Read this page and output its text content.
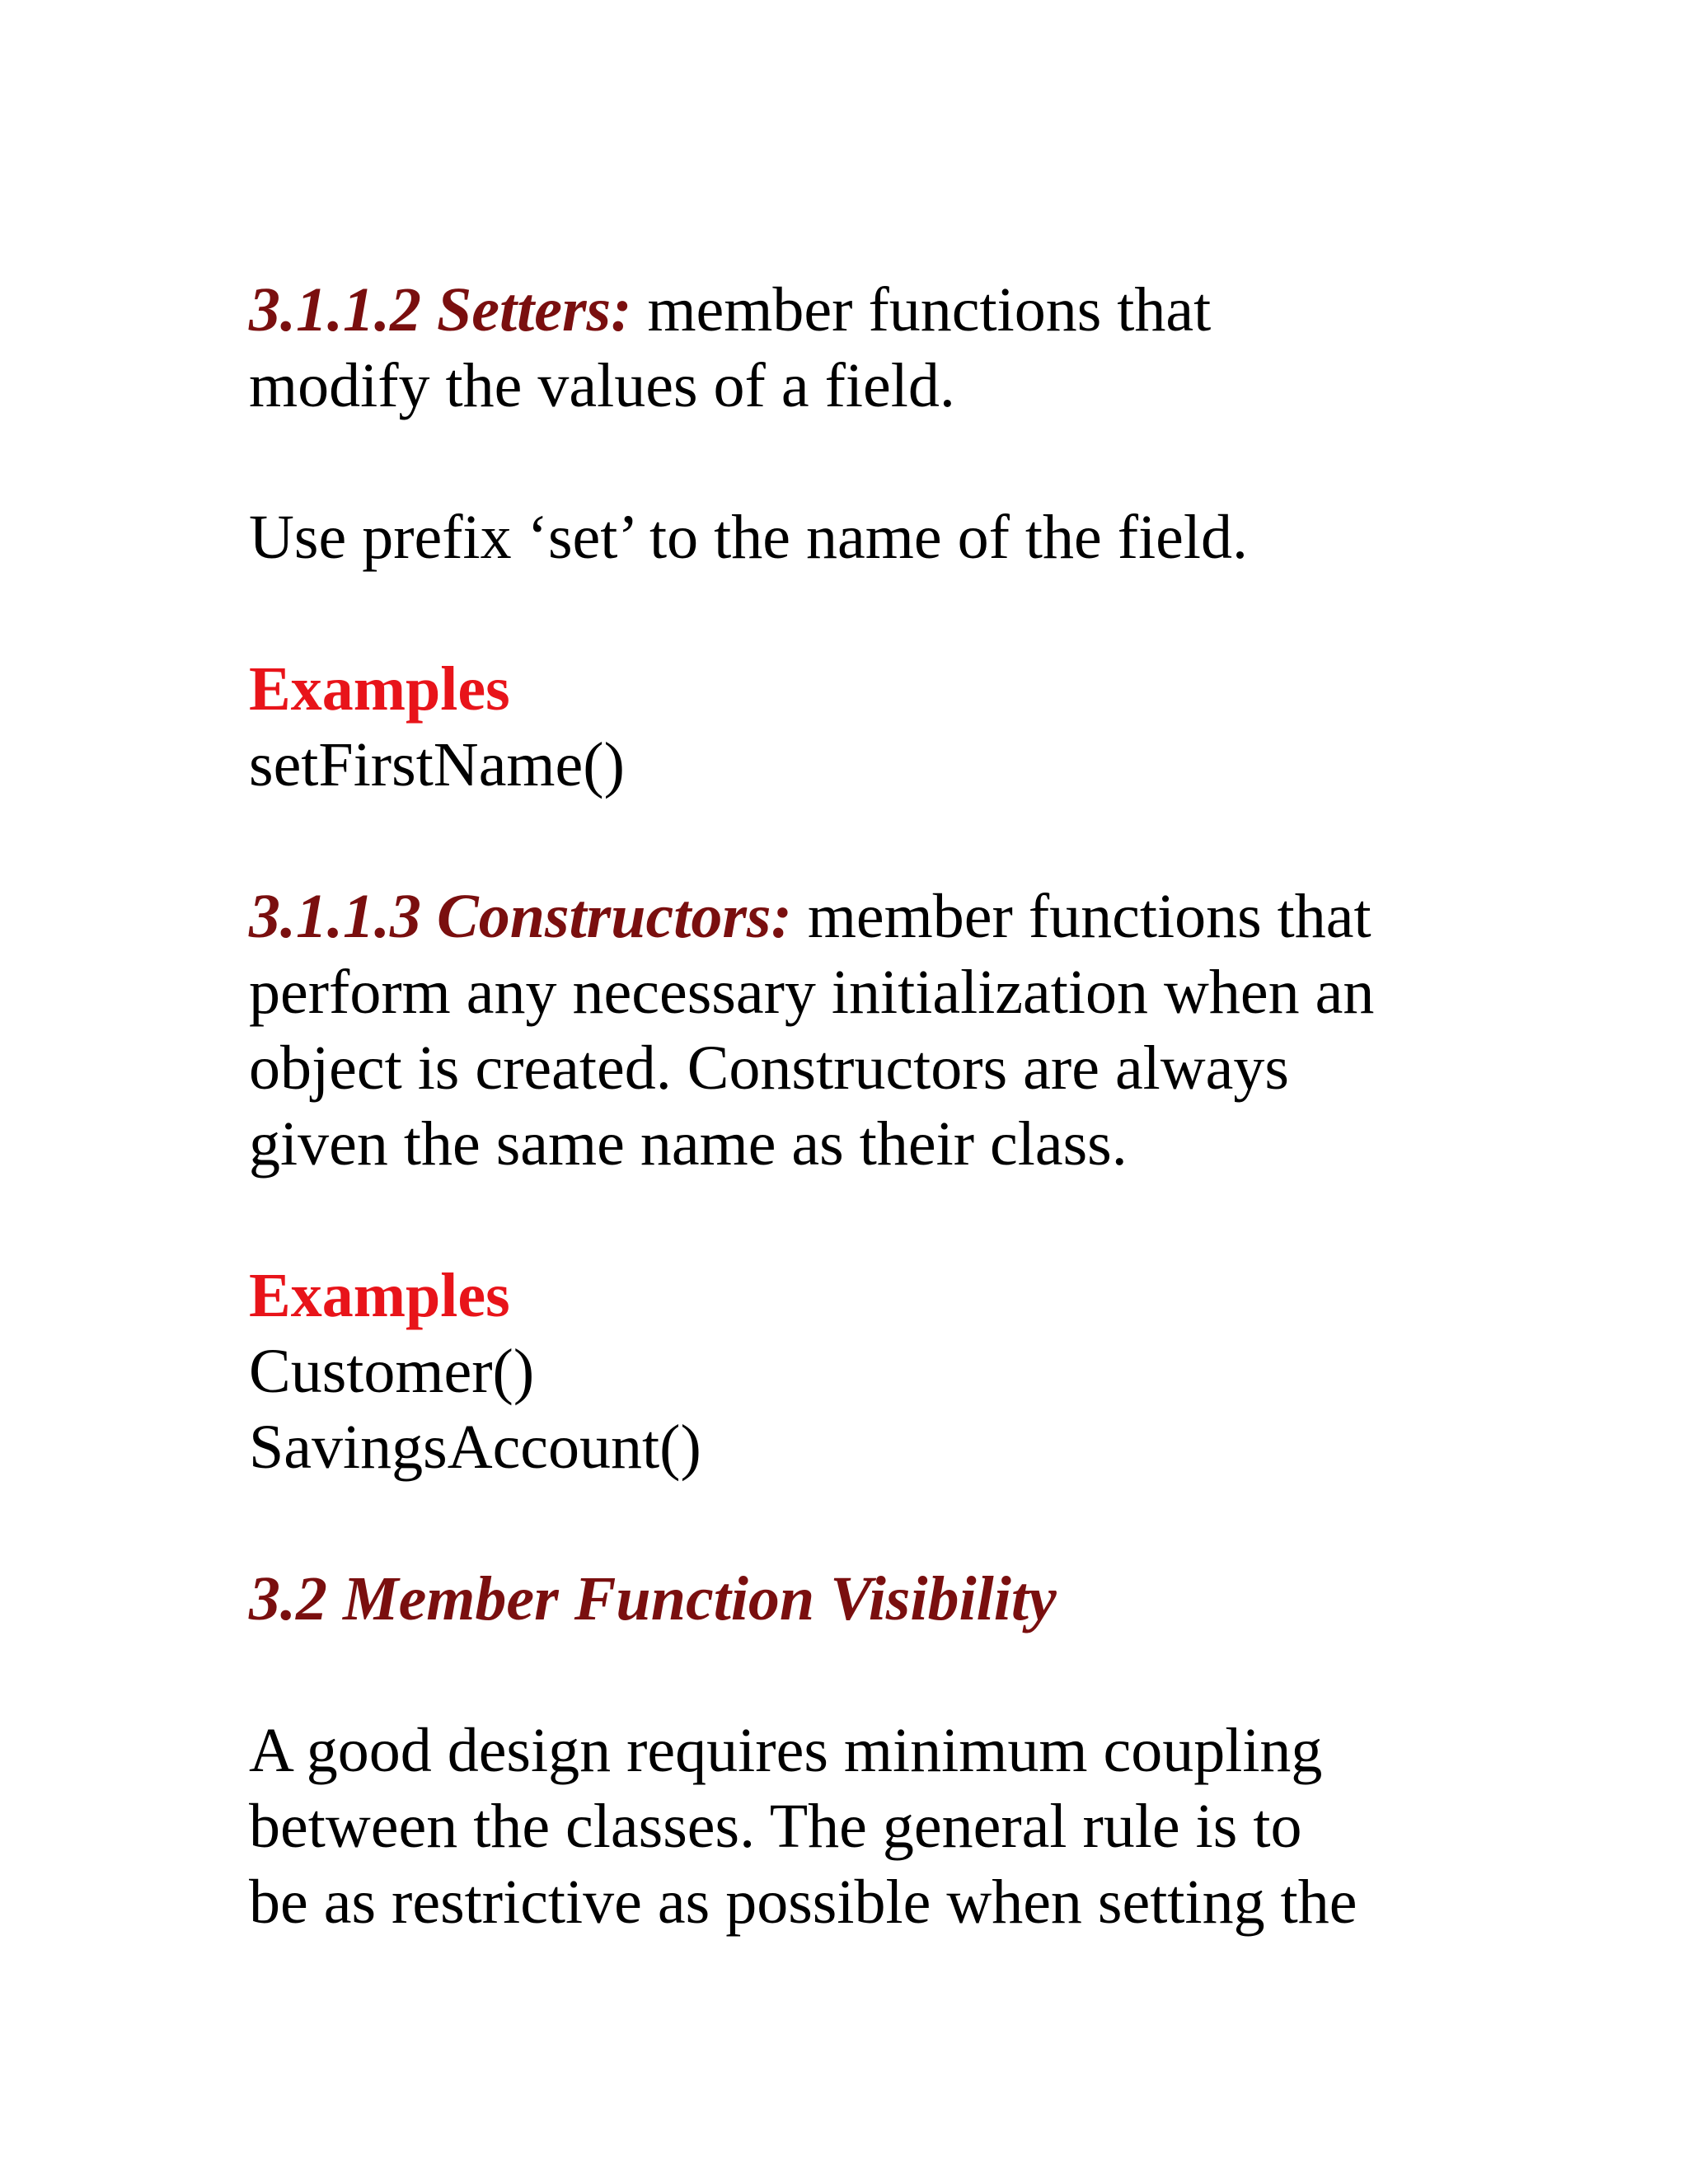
3.1.1.2 Setters: member functions that
modify the values of a field.

Use prefix ‘set’ to the name of the field.

Examples
setFirstName()

3.1.1.3 Constructors: member functions that
perform any necessary initialization when an
object is created. Constructors are always
given the same name as their class.

Examples
Customer()
SavingsAccount()

3.2 Member Function Visibility

A good design requires minimum coupling
between the classes. The general rule is to
be as restrictive as possible when setting the
